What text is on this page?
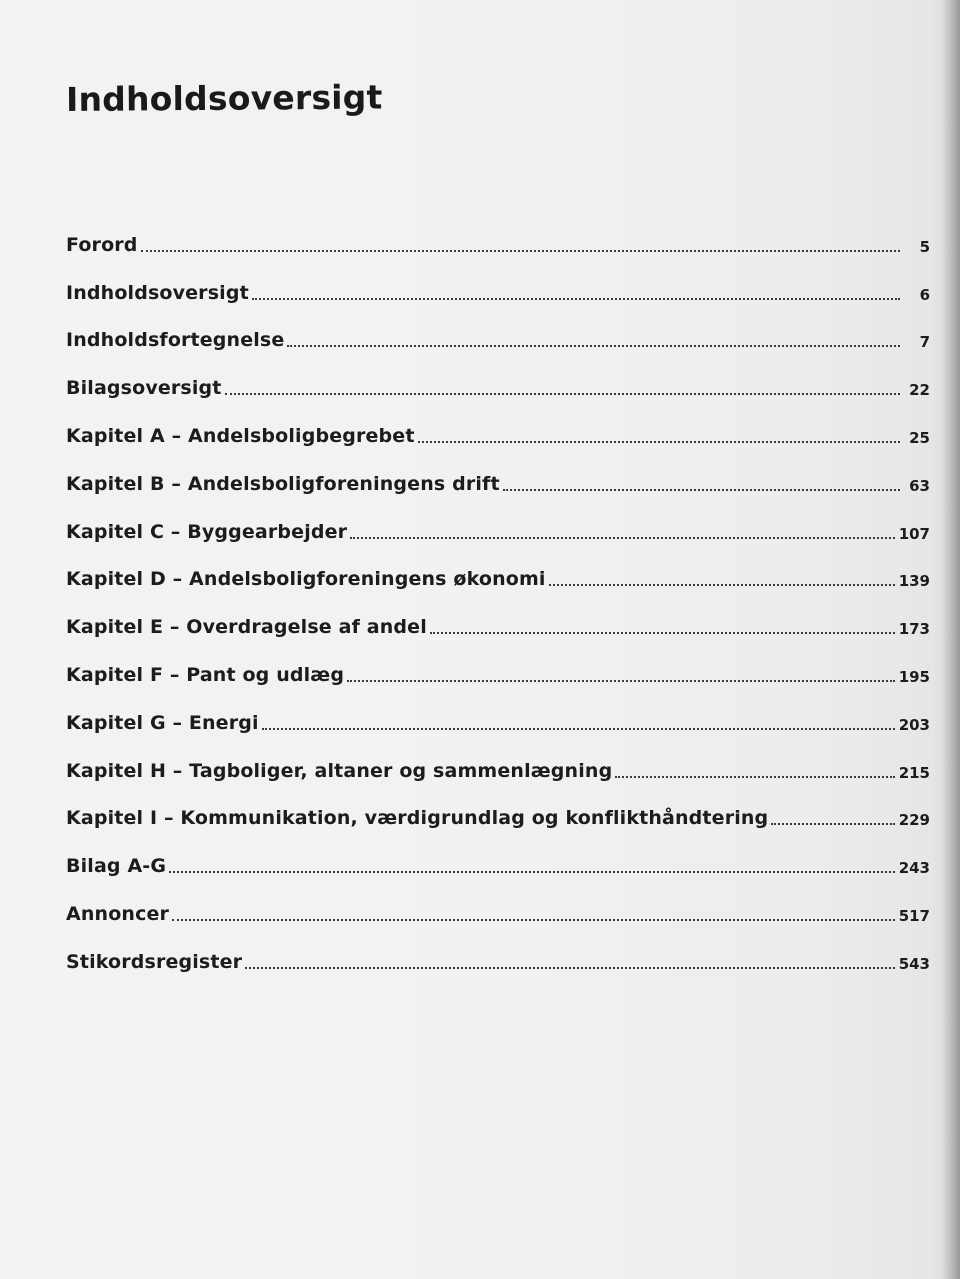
Indholdsoversigt
Forord	5
Indholdsoversigt	6
Indholdsfortegnelse	7
Bilagsoversigt	22
Kapitel A – Andelsboligbegrebet	25
Kapitel B – Andelsboligforeningens drift	63
Kapitel C – Byggearbejder	107
Kapitel D – Andelsboligforeningens økonomi	139
Kapitel E – Overdragelse af andel	173
Kapitel F – Pant og udlæg	195
Kapitel G – Energi	203
Kapitel H – Tagboliger, altaner og sammenlægning	215
Kapitel I – Kommunikation, værdigrundlag og konflikthåndtering	229
Bilag A-G	243
Annoncer	517
Stikordsregister	543
